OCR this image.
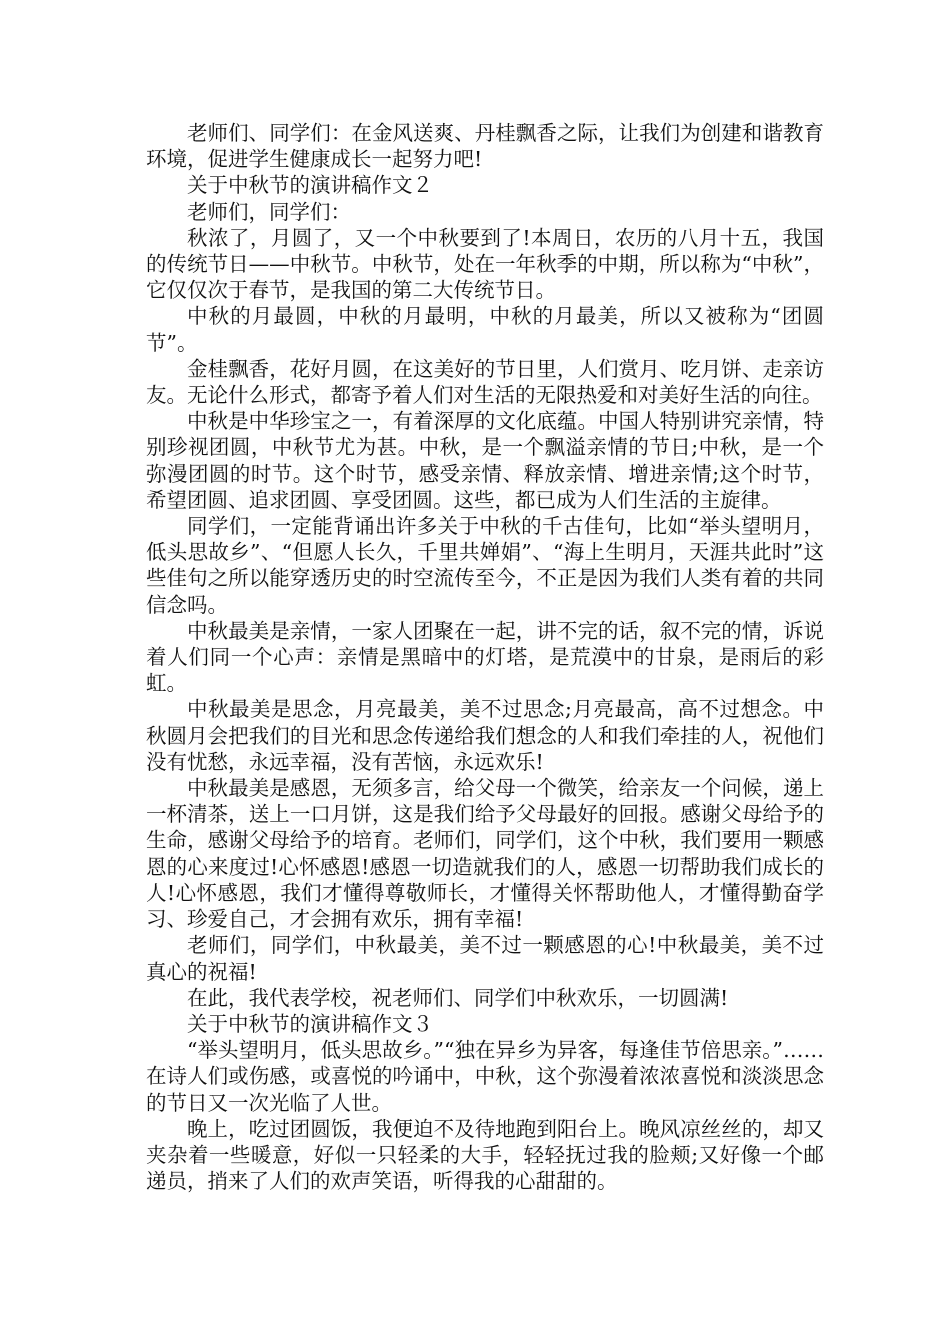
老师们、同学们：在金风送爽、丹桂飘香之际，让我们为创建和谐教育环境，促进学生健康成长一起努力吧!

关于中秋节的演讲稿作文２

老师们，同学们：

秋浓了，月圆了，又一个中秋要到了!本周日，农历的八月十五，我国的传统节日——中秋节。中秋节，处在一年秋季的中期，所以称为“中秋”，它仅仅次于春节，是我国的第二大传统节日。

中秋的月最圆，中秋的月最明，中秋的月最美，所以又被称为“团圆节”。

金桂飘香，花好月圆，在这美好的节日里，人们赏月、吃月饼、走亲访友。无论什么形式，都寄予着人们对生活的无限热爱和对美好生活的向往。

中秋是中华珍宝之一，有着深厚的文化底蕴。中国人特别讲究亲情，特别珍视团圆，中秋节尤为甚。中秋，是一个飘溢亲情的节日;中秋，是一个弥漫团圆的时节。这个时节，感受亲情、释放亲情、增进亲情;这个时节，希望团圆、追求团圆、享受团圆。这些，都已成为人们生活的主旋律。

同学们，一定能背诵出许多关于中秋的千古佳句，比如“举头望明月，低头思故乡”、“但愿人长久，千里共婵娟”、“海上生明月，天涯共此时”这些佳句之所以能穿透历史的时空流传至今，不正是因为我们人类有着的共同信念吗。

中秋最美是亲情，一家人团聚在一起，讲不完的话，叙不完的情，诉说着人们同一个心声：亲情是黑暗中的灯塔，是荒漠中的甘泉，是雨后的彩虹。

中秋最美是思念，月亮最美，美不过思念;月亮最高，高不过想念。中秋圆月会把我们的目光和思念传递给我们想念的人和我们牵挂的人，祝他们没有忧愁，永远幸福，没有苦恼，永远欢乐!

中秋最美是感恩，无须多言，给父母一个微笑，给亲友一个问候，递上一杯清茶，送上一口月饼，这是我们给予父母最好的回报。感谢父母给予的生命，感谢父母给予的培育。老师们，同学们，这个中秋，我们要用一颗感恩的心来度过!心怀感恩!感恩一切造就我们的人，感恩一切帮助我们成长的人!心怀感恩，我们才懂得尊敬师长，才懂得关怀帮助他人，才懂得勤奋学习、珍爱自己，才会拥有欢乐，拥有幸福!

老师们，同学们，中秋最美，美不过一颗感恩的心!中秋最美，美不过真心的祝福!

在此，我代表学校，祝老师们、同学们中秋欢乐，一切圆满!

关于中秋节的演讲稿作文３

“举头望明月，低头思故乡。”“独在异乡为异客，每逢佳节倍思亲。”……在诗人们或伤感，或喜悦的吟诵中，中秋，这个弥漫着浓浓喜悦和淡淡思念的节日又一次光临了人世。

晚上，吃过团圆饭，我便迫不及待地跑到阳台上。晚风凉丝丝的，却又夹杂着一些暖意，好似一只轻柔的大手，轻轻抚过我的脸颊;又好像一个邮递员，捎来了人们的欢声笑语，听得我的心甜甜的。
